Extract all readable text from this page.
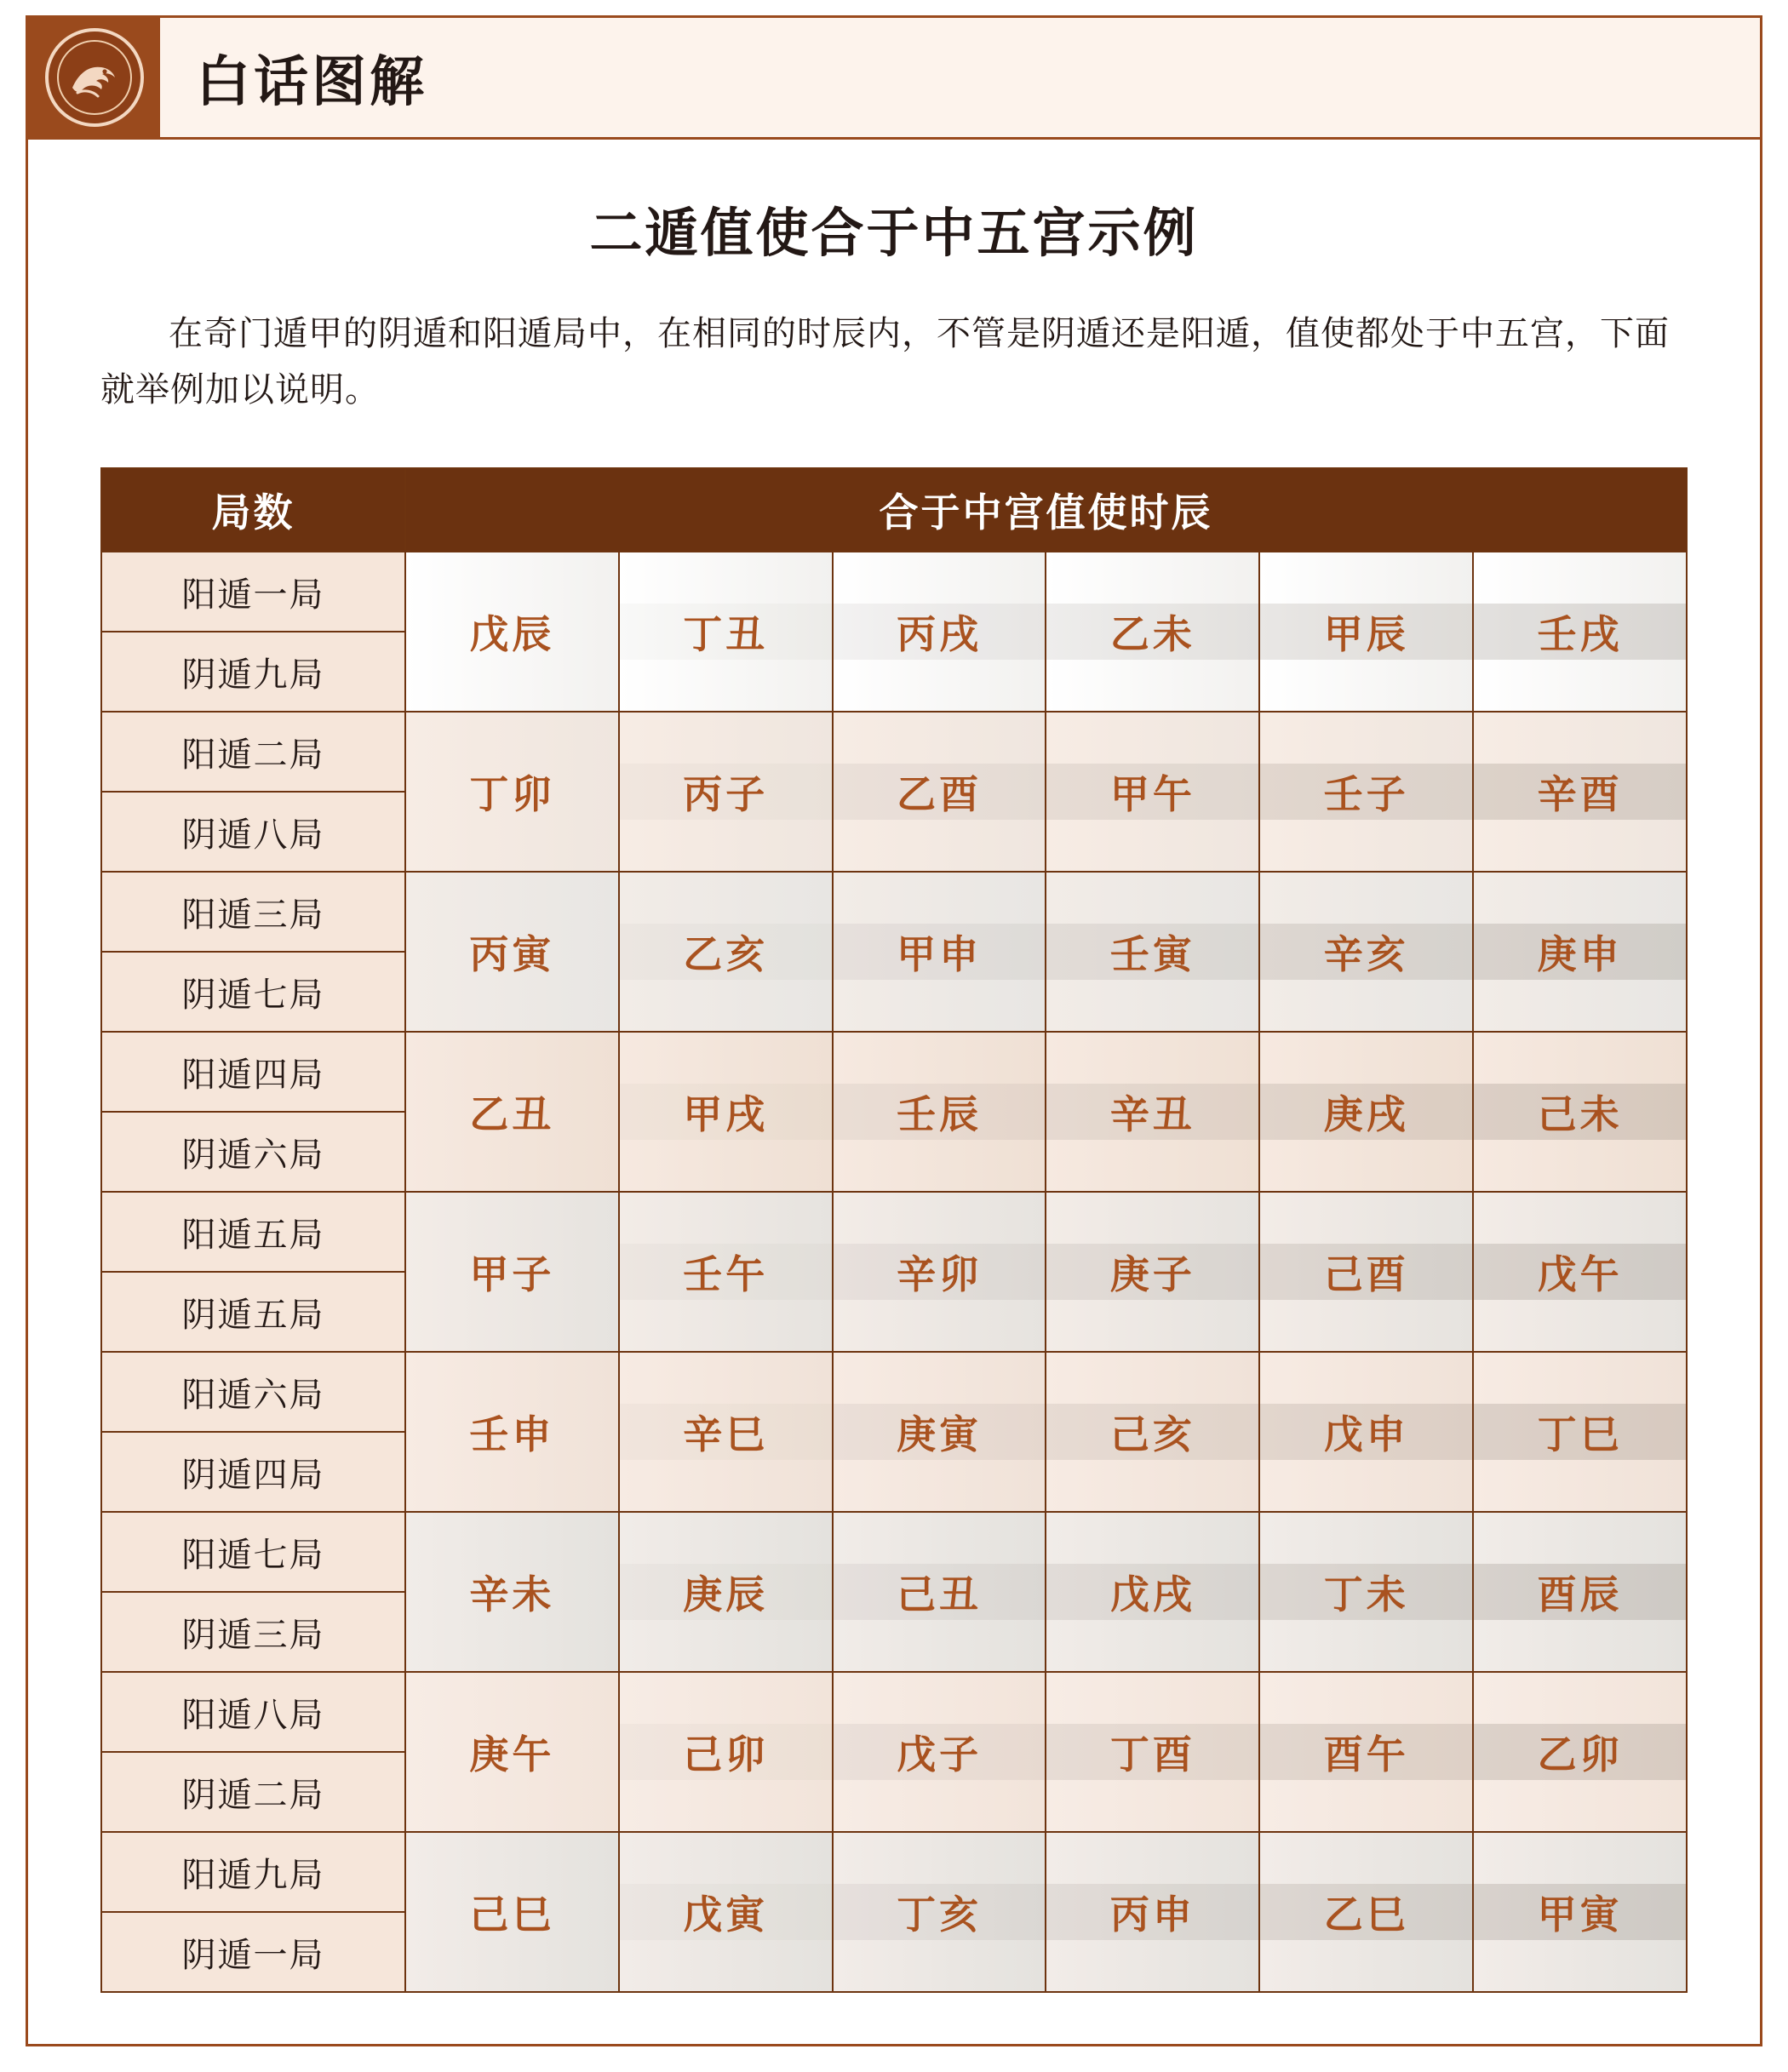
白话图解
二遁值使合于中五宫示例

在奇门遁甲的阴遁和阳遁局中，在相同的时辰内，不管是阴遁还是阳遁，值使都处于中五宫，下面就举例加以说明。

局数	合于中宫值使时辰					
阳遁一局	戊辰	丁丑	丙戌	乙未	甲辰	壬戌

阴遁九局						
阳遁二局	丁卯	丙子	乙酉	甲午	壬子	辛酉

阴遁八局						
阳遁三局	丙寅	乙亥	甲申	壬寅	辛亥	庚申

阴遁七局						
阳遁四局	乙丑	甲戌	壬辰	辛丑	庚戌	己未

阴遁六局						
阳遁五局	甲子	壬午	辛卯	庚子	己酉	戊午

阴遁五局						
阳遁六局	壬申	辛巳	庚寅	己亥	戊申	丁巳

阴遁四局						
阳遁七局	辛未	庚辰	己丑	戊戌	丁未	酉辰

阴遁三局						
阳遁八局	庚午	己卯	戊子	丁酉	酉午	乙卯

阴遁二局						
阳遁九局	己巳	戊寅	丁亥	丙申	乙巳	甲寅

阴遁一局						
